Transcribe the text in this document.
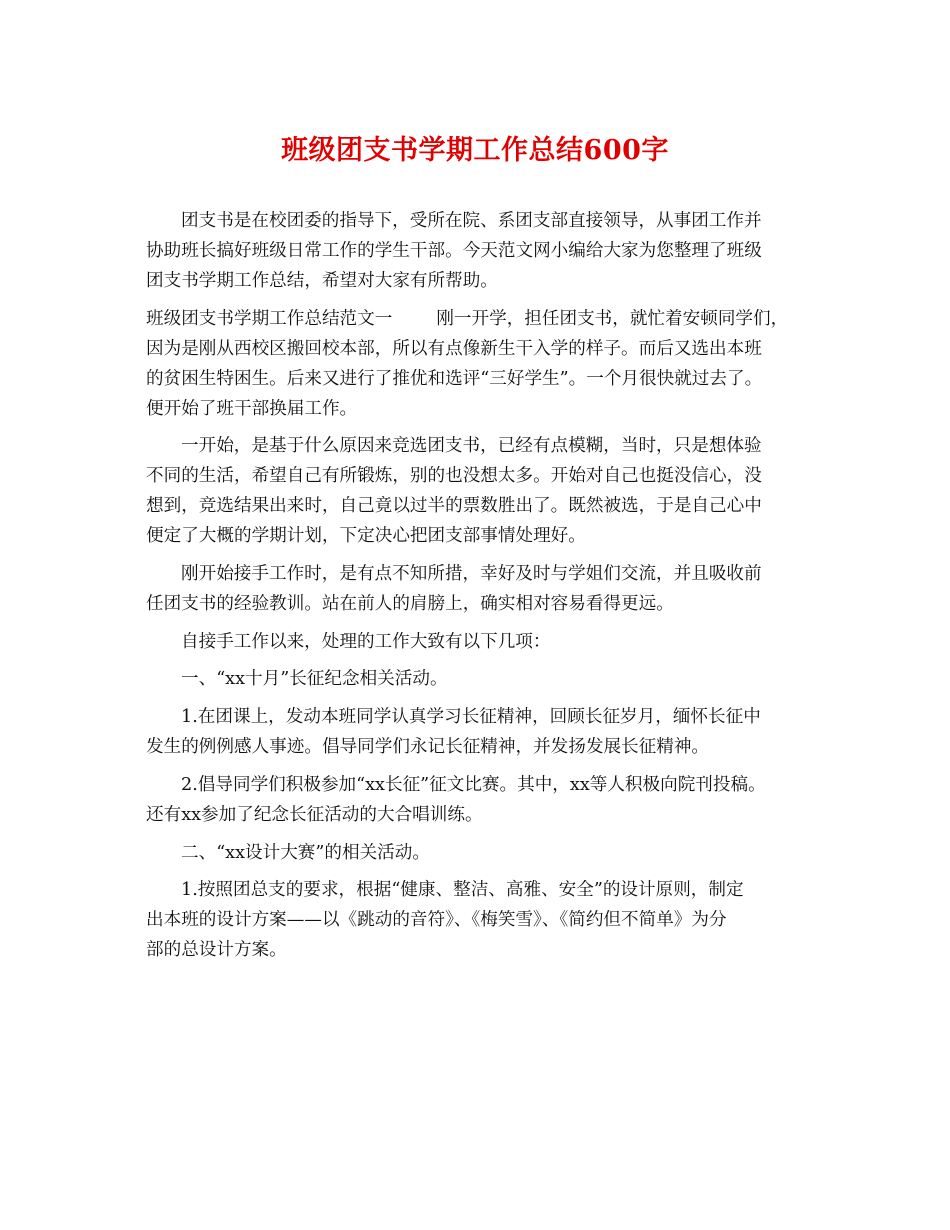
班级团支书学期工作总结600字

团支书是在校团委的指导下，受所在院、系团支部直接领导，从事团工作并
协助班长搞好班级日常工作的学生干部。今天范文网小编给大家为您整理了班级
团支书学期工作总结，希望对大家有所帮助。

班级团支书学期工作总结范文一	刚一开学，担任团支书，就忙着安顿同学们，
因为是刚从西校区搬回校本部，所以有点像新生干入学的样子。而后又选出本班
的贫困生特困生。后来又进行了推优和选评“三好学生”。一个月很快就过去了。
便开始了班干部换届工作。

一开始，是基于什么原因来竞选团支书，已经有点模糊，当时，只是想体验
不同的生活，希望自己有所锻炼，别的也没想太多。开始对自己也挺没信心，没
想到，竞选结果出来时，自己竟以过半的票数胜出了。既然被选，于是自己心中
便定了大概的学期计划，下定决心把团支部事情处理好。

刚开始接手工作时，是有点不知所措，幸好及时与学姐们交流，并且吸收前
任团支书的经验教训。站在前人的肩膀上，确实相对容易看得更远。

自接手工作以来，处理的工作大致有以下几项：

一、“xx十月”长征纪念相关活动。

1.在团课上，发动本班同学认真学习长征精神，回顾长征岁月，缅怀长征中
发生的例例感人事迹。倡导同学们永记长征精神，并发扬发展长征精神。

2.倡导同学们积极参加“xx长征”征文比赛。其中，xx等人积极向院刊投稿。
还有xx参加了纪念长征活动的大合唱训练。

二、“xx设计大赛”的相关活动。

1.按照团总支的要求，根据“健康、整洁、高雅、安全”的设计原则，制定
出本班的设计方案——以《跳动的音符》、《梅笑雪》、《简约但不简单》为分
部的总设计方案。
